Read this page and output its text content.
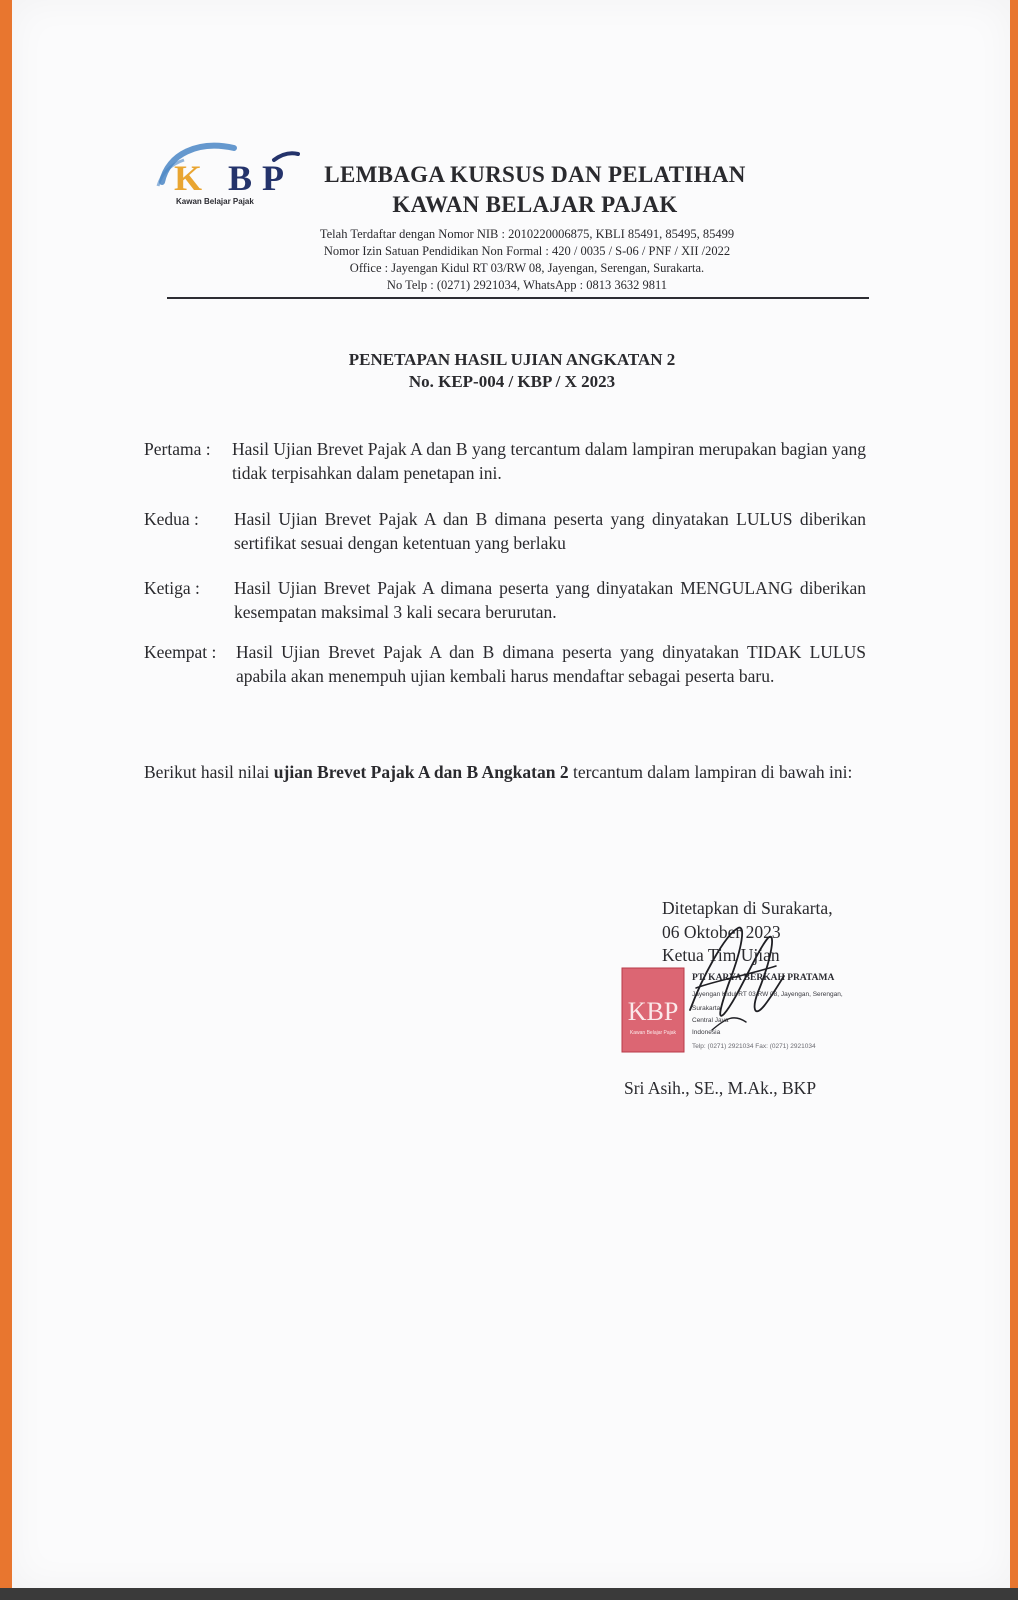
K B P
Kawan Belajar Pajak
LEMBAGA KURSUS DAN PELATIHAN
KAWAN BELAJAR PAJAK
Telah Terdaftar dengan Nomor NIB : 2010220006875, KBLI 85491, 85495, 85499
Nomor Izin Satuan Pendidikan Non Formal : 420 / 0035 / S-06 / PNF / XII /2022
Office : Jayengan Kidul RT 03/RW 08, Jayengan, Serengan, Surakarta.
No Telp : (0271) 2921034, WhatsApp : 0813 3632 9811
PENETAPAN HASIL UJIAN ANGKATAN 2
No. KEP-004 / KBP / X 2023
Pertama : Hasil Ujian Brevet Pajak A dan B yang tercantum dalam lampiran merupakan bagian yang tidak terpisahkan dalam penetapan ini.
Kedua : Hasil Ujian Brevet Pajak A dan B dimana peserta yang dinyatakan LULUS diberikan sertifikat sesuai dengan ketentuan yang berlaku
Ketiga : Hasil Ujian Brevet Pajak A dimana peserta yang dinyatakan MENGULANG diberikan kesempatan maksimal 3 kali secara berurutan.
Keempat : Hasil Ujian Brevet Pajak A dan B dimana peserta yang dinyatakan TIDAK LULUS apabila akan menempuh ujian kembali harus mendaftar sebagai peserta baru.
Berikut hasil nilai ujian Brevet Pajak A dan B Angkatan 2 tercantum dalam lampiran di bawah ini:
Ditetapkan di Surakarta,
06 Oktober 2023
Ketua Tim Ujian
KBP
Kawan Belajar Pajak
PT. KARYA BERKAH PRATAMA
Jayengan Kidul RT 03 RW 08, Jayengan, Serengan,
Surakarta
Central Java
Indonesia
Telp: (0271) 2921034 Fax: (0271) 2921034
Sri Asih., SE., M.Ak., BKP
